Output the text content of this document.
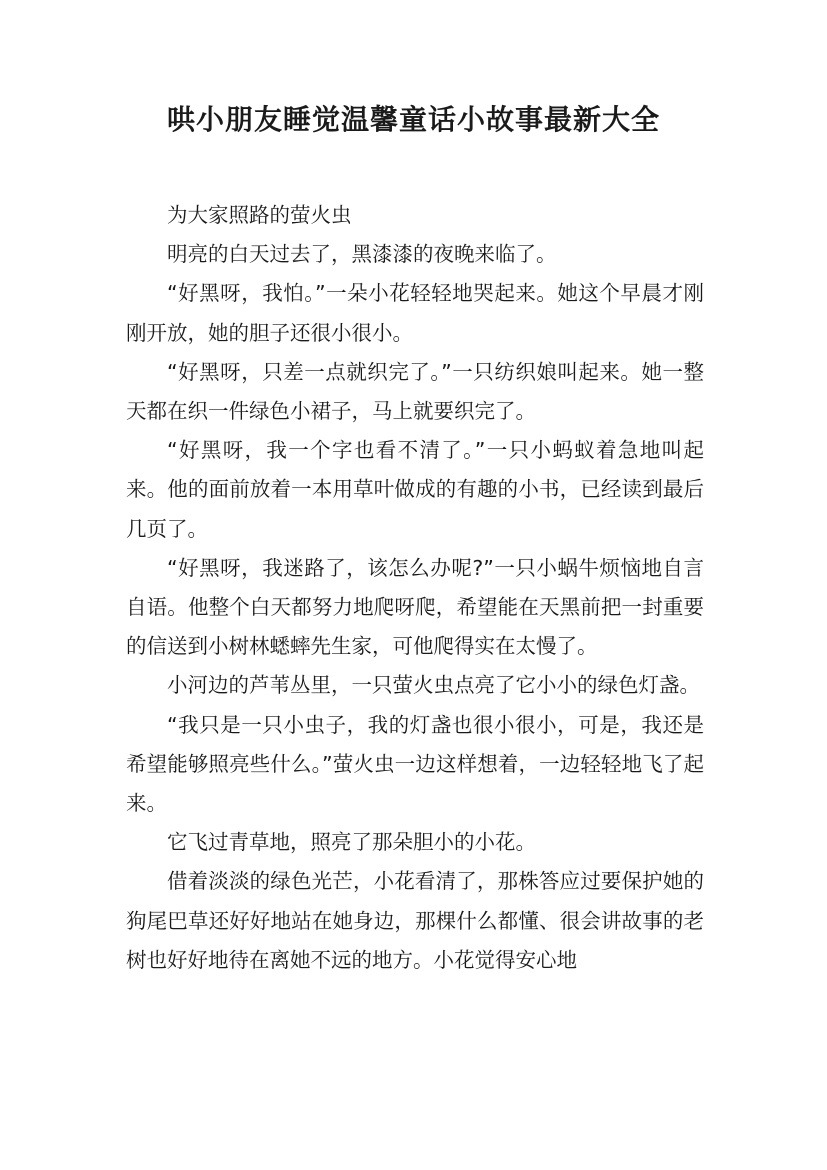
哄小朋友睡觉温馨童话小故事最新大全

为大家照路的萤火虫

明亮的白天过去了，黑漆漆的夜晚来临了。

“好黑呀，我怕。”一朵小花轻轻地哭起来。她这个早晨才刚刚开放，她的胆子还很小很小。

“好黑呀，只差一点就织完了。”一只纺织娘叫起来。她一整天都在织一件绿色小裙子，马上就要织完了。

“好黑呀，我一个字也看不清了。”一只小蚂蚁着急地叫起来。他的面前放着一本用草叶做成的有趣的小书，已经读到最后几页了。

“好黑呀，我迷路了，该怎么办呢?”一只小蜗牛烦恼地自言自语。他整个白天都努力地爬呀爬，希望能在天黑前把一封重要的信送到小树林蟋蟀先生家，可他爬得实在太慢了。

小河边的芦苇丛里，一只萤火虫点亮了它小小的绿色灯盏。

“我只是一只小虫子，我的灯盏也很小很小，可是，我还是希望能够照亮些什么。”萤火虫一边这样想着，一边轻轻地飞了起来。

它飞过青草地，照亮了那朵胆小的小花。

借着淡淡的绿色光芒，小花看清了，那株答应过要保护她的狗尾巴草还好好地站在她身边，那棵什么都懂、很会讲故事的老树也好好地待在离她不远的地方。小花觉得安心地
